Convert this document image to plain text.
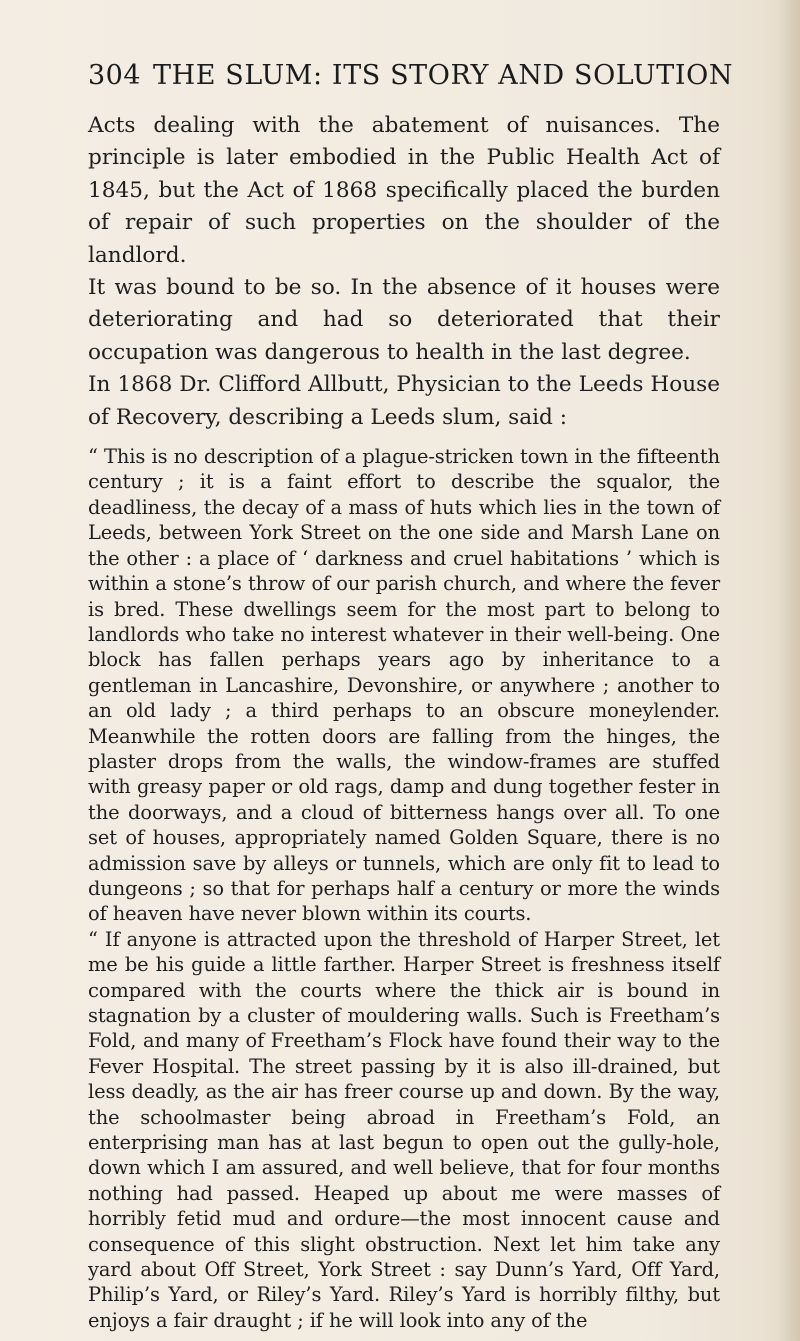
304 THE SLUM: ITS STORY AND SOLUTION

Acts dealing with the abatement of nuisances. The principle is later embodied in the Public Health Act of 1845, but the Act of 1868 specifically placed the burden of repair of such properties on the shoulder of the landlord.

It was bound to be so. In the absence of it houses were deteriorating and had so deteriorated that their occupation was dangerous to health in the last degree.

In 1868 Dr. Clifford Allbutt, Physician to the Leeds House of Recovery, describing a Leeds slum, said :

“ This is no description of a plague-stricken town in the fifteenth century ; it is a faint effort to describe the squalor, the deadliness, the decay of a mass of huts which lies in the town of Leeds, between York Street on the one side and Marsh Lane on the other : a place of ‘ darkness and cruel habitations ’ which is within a stone’s throw of our parish church, and where the fever is bred. These dwellings seem for the most part to belong to landlords who take no interest whatever in their well-being. One block has fallen perhaps years ago by inheritance to a gentleman in Lancashire, Devonshire, or anywhere ; another to an old lady ; a third perhaps to an obscure moneylender. Meanwhile the rotten doors are falling from the hinges, the plaster drops from the walls, the window-frames are stuffed with greasy paper or old rags, damp and dung together fester in the doorways, and a cloud of bitterness hangs over all. To one set of houses, appropriately named Golden Square, there is no admission save by alleys or tunnels, which are only fit to lead to dungeons ; so that for perhaps half a century or more the winds of heaven have never blown within its courts.

“ If anyone is attracted upon the threshold of Harper Street, let me be his guide a little farther. Harper Street is freshness itself compared with the courts where the thick air is bound in stagnation by a cluster of mouldering walls. Such is Freetham’s Fold, and many of Freetham’s Flock have found their way to the Fever Hospital. The street passing by it is also ill-drained, but less deadly, as the air has freer course up and down. By the way, the schoolmaster being abroad in Freetham’s Fold, an enterprising man has at last begun to open out the gully-hole, down which I am assured, and well believe, that for four months nothing had passed. Heaped up about me were masses of horribly fetid mud and ordure—the most innocent cause and consequence of this slight obstruction. Next let him take any yard about Off Street, York Street : say Dunn’s Yard, Off Yard, Philip’s Yard, or Riley’s Yard. Riley’s Yard is horribly filthy, but enjoys a fair draught ; if he will look into any of the
